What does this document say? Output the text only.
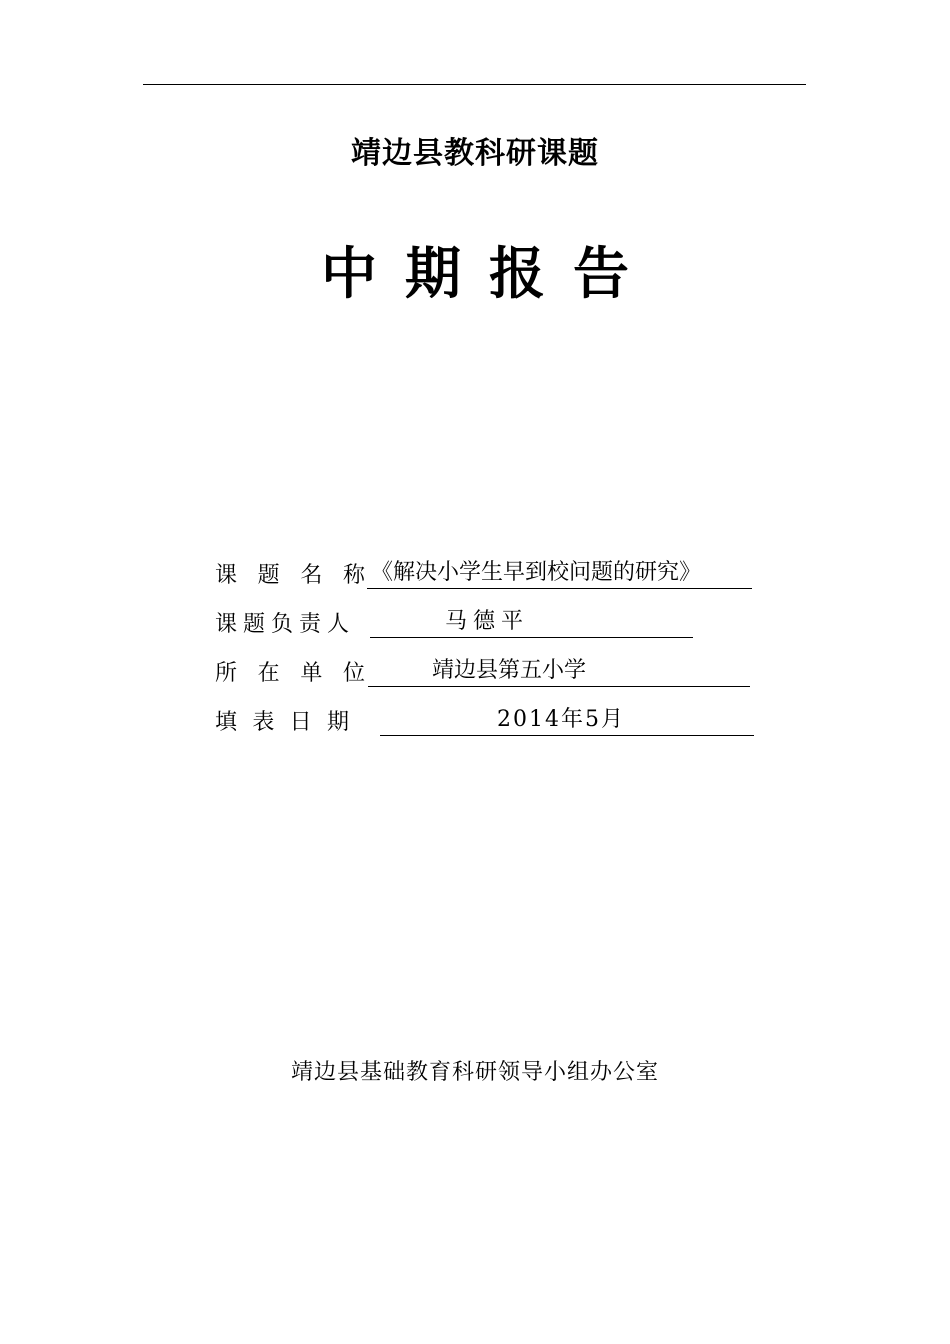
靖边县教科研课题
中期报告
课 题 名 称 《解决小学生早到校问题的研究》
课 题 负 责 人	马德平
所 在 单 位	靖边县第五小学
填 表 日 期	2014年5月
靖边县基础教育科研领导小组办公室
